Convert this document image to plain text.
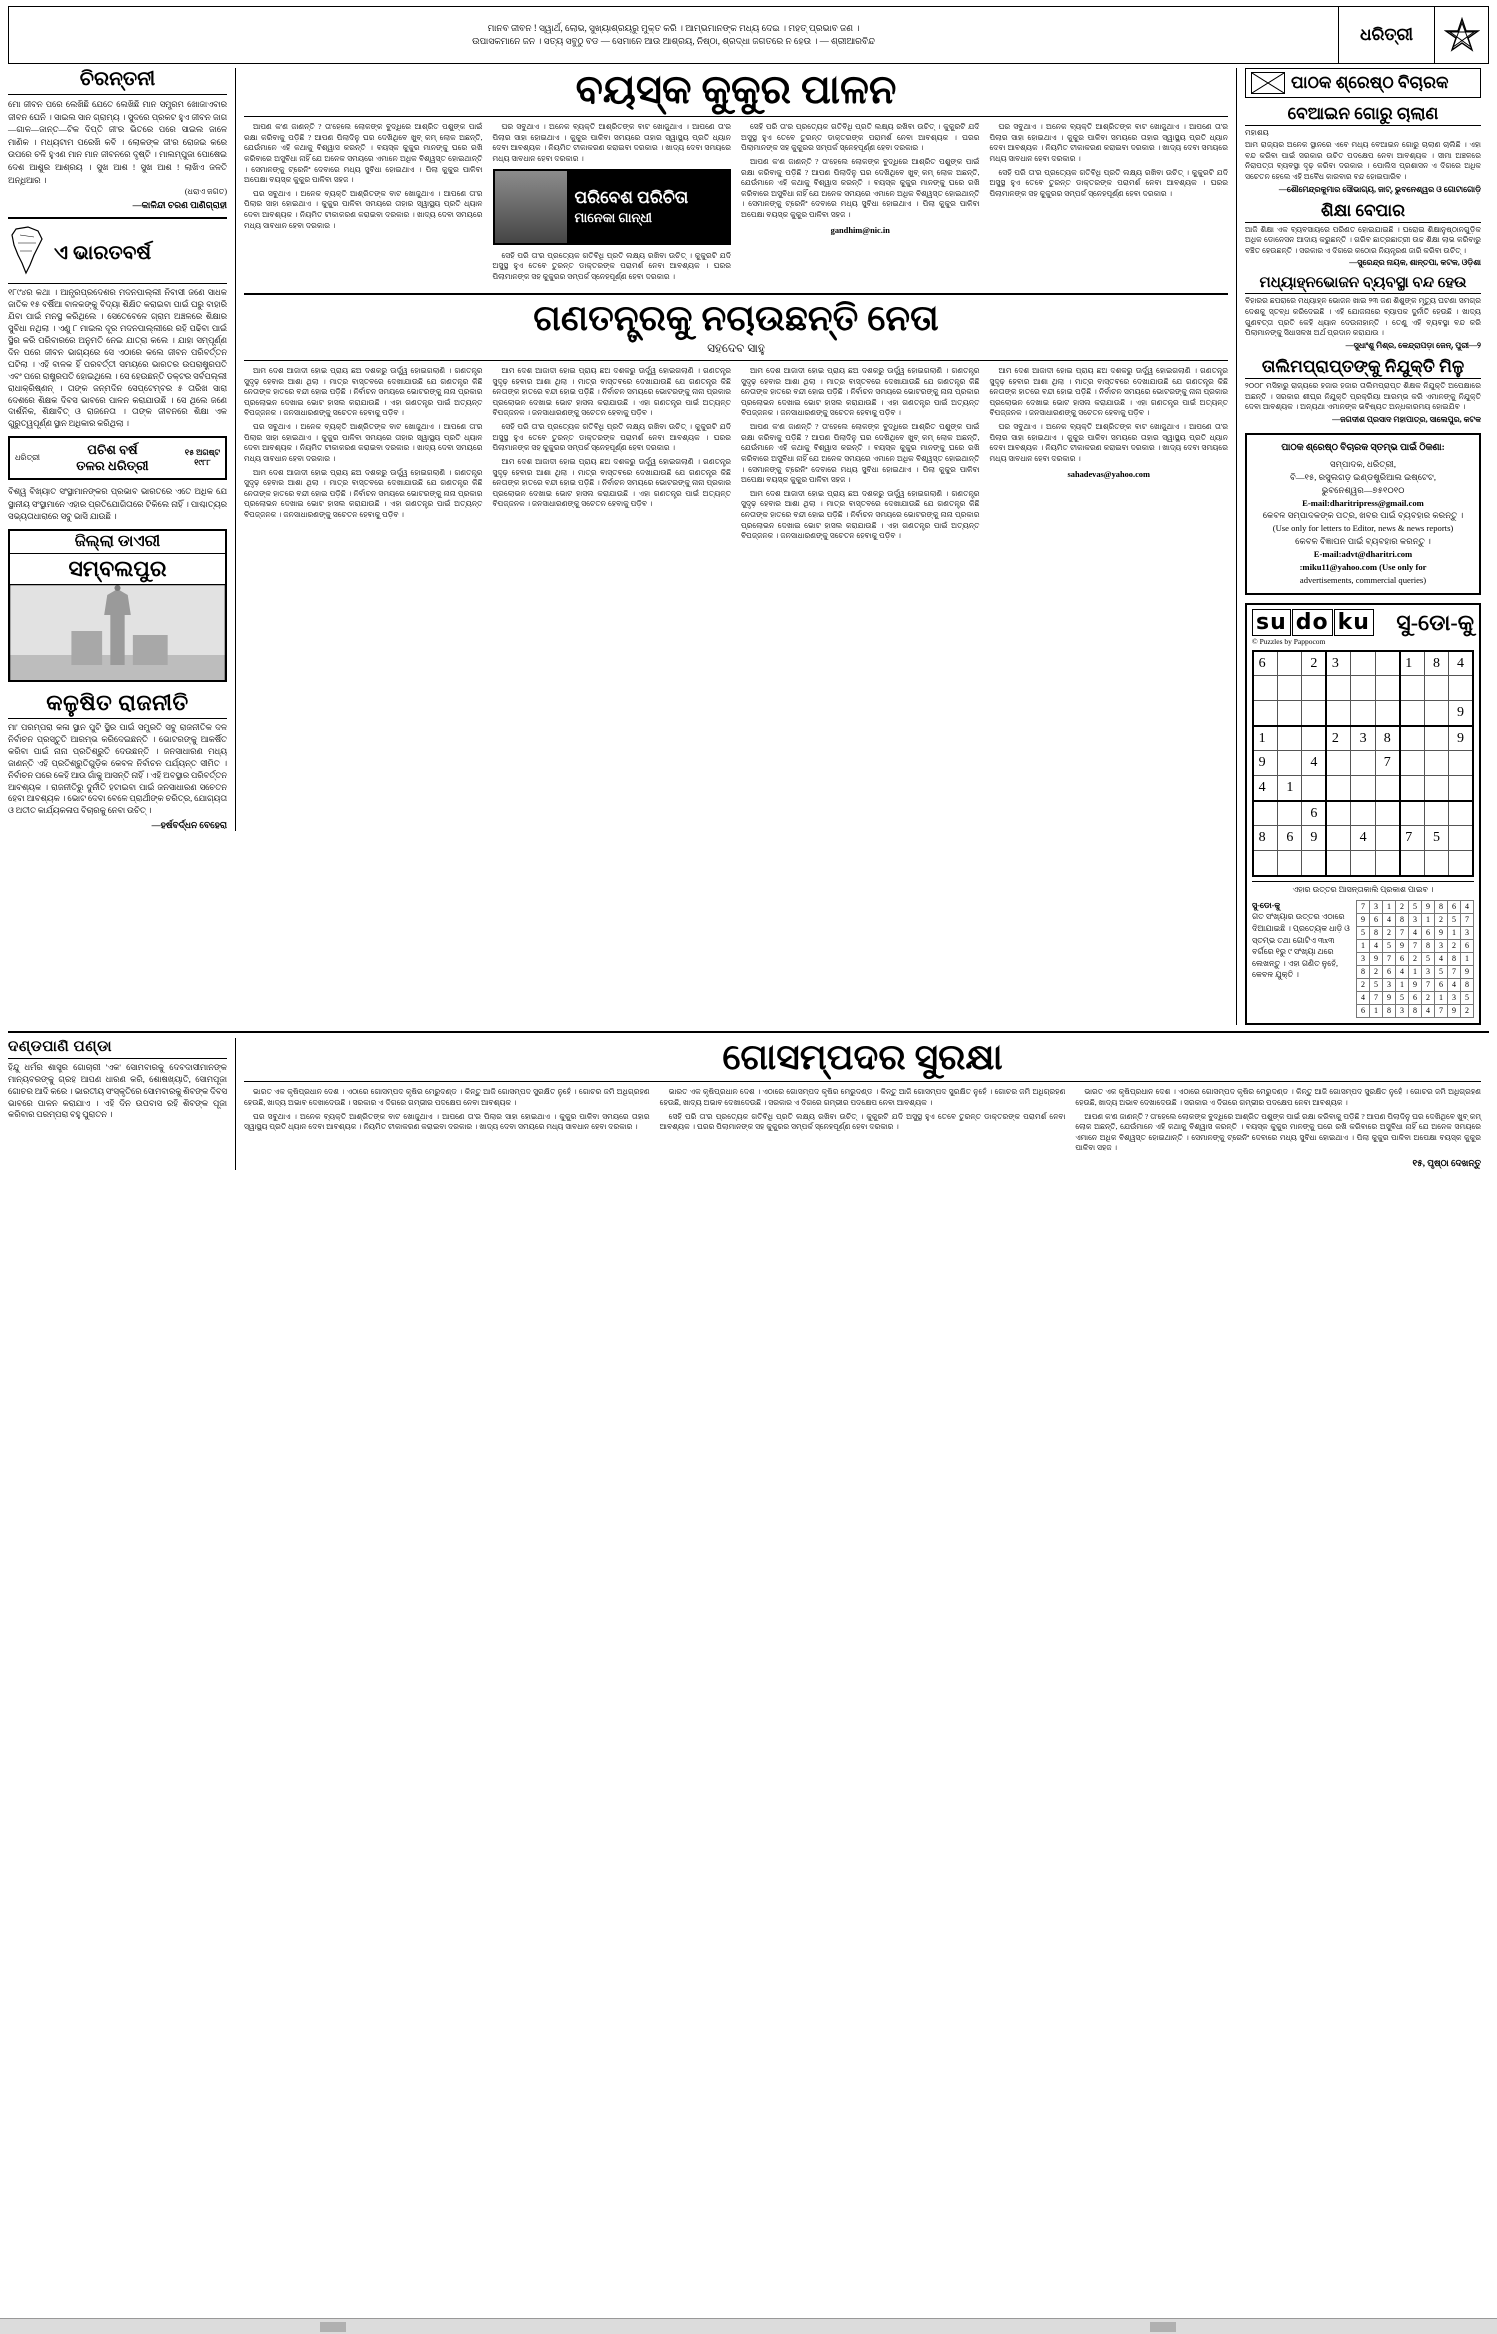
ମାନବ ଜୀବନ ! ସ୍ୱାର୍ଥ, ଲୋଭ, ସୁଖ୍ୟାଶ୍ରୟରୁ ମୁକ୍ତ କରି । ଆମ୍ଭମାନଙ୍କ ମଧ୍ୟ ଦେଇ । ମହତ୍ ପ୍ରଭାବ ଜଣ ।
ଉପାସକମାନେ ଜନ । ସତ୍ୟ ସବୁଠୁ ବଡ — ସେମାନେ ଆଉ ଆଶ୍ରୟ, ନିଷ୍ଠା, ଶ୍ରଦ୍ଧା ଜଗତରେ ନ ହେଉ । — ଶ୍ରୀଆରବିନ୍ଦ	ଧରିତ୍ରୀ
ଚିରନ୍ତନୀ
ମୋ ଜୀବନ ପରେ ଲେଖିଛି ଯେତେ ଲେଖିଛି ମାନ ସମ୍ପ୍ରମ ଖୋଜାଏବାର ଜୀବନ ଘେନି । ସାଇଲ ସାନ ଗ୍ରାମ୍ୟ । ସୁଦରେ ପ୍ରକଟ ହୁଏ ଜୀବନ ଜାଗ—ଗାଳ—ଜାନ୍ତ—ଟିକ ଦିପ୍ତି ଜୀ'ର ଭିତରେ ପରେ ସାଇଲ ଜାଳେ ମାଣିକ । ମଧ୍ୟଟାମ ପରେଖି କବି । ଲୋକଙ୍କ ଜୀ'ର ରୋଜଇ କରେ ଉପରେ ଚଳି ହୁଏଣ ମାନ ମାନ ଜୀବନରେ ଦୃଷ୍ଟି । ମାଲମ୍ପୁଜା ପୋଷେଇ ଦେଶ ଆଶୁର ଆଶ୍ରୟ । ସୁଖ ଆଶ ! ସୁଖ ଆଶ ! ଲାଖିଏ ଜଳତି ଅନ୍ଧିଆର ।
(ଧରାଏ ଜଗତ)
—କାଳିନ୍ଦୀ ଚରଣ ପାଣିଗ୍ରାହୀ
ଏ ଭାରତବର୍ଷ
୧୮୯୪ର କଥା । ଆନ୍ଧ୍ରପ୍ରଦେଶର ମଦନପାଲ୍ଲୀ ନିବାସୀ ଜଣେ ସାଧକ ଜାତିକ ୧୫ ବର୍ଷିଆ ବାଳକଙ୍କୁ ବିଦ୍ୟା ଶିକ୍ଷିତ କରାଇବା ପାଇଁ ଘରୁ ବାହାରି ଯିବା ପାଇଁ ମନସ୍ଥ କରିଥିଲେ । ସେତେବେଳେ ଗ୍ରାମ ଅଞ୍ଚଳରେ ଶିକ୍ଷାର ସୁବିଧା ନଥିଲା । ଏଣୁ ୮ ମାଇଲ ଦୂର ମଦନପାଲ୍ଲୀରେ ରହି ପଢିବା ପାଇଁ ସ୍ଥିର କରି ପରିବାରରେ ଅନୁମତି ନେଇ ଯାତ୍ରା କଲେ । ଯାହା ସମ୍ପୂର୍ଣ୍ଣ ଦିନ ପରେ ଜୀବନ ଭାଗ୍ୟରେ ସେ ଏଠାରେ କଲେ ଜୀବନ ପରିବର୍ତ୍ତନ ଘଟିଲା । ଏହି ବାଳକ ହିଁ ପରବର୍ତ୍ତୀ ସମୟରେ ଭାରତର ଉପରାଷ୍ଟ୍ରପତି ଏବଂ ପରେ ରାଷ୍ଟ୍ରପତି ହୋଇଥିଲେ । ସେ ହେଉଛନ୍ତି ଡକ୍ଟର ସର୍ବପଲ୍ଲୀ ରାଧାକ୍ରିଷ୍ଣନ୍ । ତାଙ୍କ ଜନ୍ମଦିନ ସେପ୍ଟେମ୍ବର ୫ ତାରିଖ ସାରା ଦେଶରେ ଶିକ୍ଷକ ଦିବସ ଭାବରେ ପାଳନ କରାଯାଉଛି । ସେ ଥିଲେ ଜଣେ ଦାର୍ଶନିକ, ଶିକ୍ଷାବିତ୍ ଓ ରାଜନେତା । ତାଙ୍କ ଜୀବନରେ ଶିକ୍ଷା ଏକ ଗୁରୁତ୍ୱପୂର୍ଣ୍ଣ ସ୍ଥାନ ଅଧିକାର କରିଥିଲା ।
ଧରିତ୍ରୀ
ପଚିଶ ବର୍ଷ
ତଳର ଧରିତ୍ରୀ
୧୫ ଅଗଷ୍ଟ
୧୯୮୮
ବିଶ୍ୱ ବିଖ୍ୟାତ ସଂସ୍ଥାମାନଙ୍କର ପ୍ରଭାବ ଭାରତରେ ଏତେ ଅଧିକ ଯେ ସ୍ଥାନୀୟ ସଂସ୍ଥାମାନେ ଏହାର ପ୍ରତିଯୋଗିତାରେ ଟିକିଲେ ନାହିଁ । ପାଶ୍ଚାତ୍ୟର ସଭ୍ୟତାଧାରାରେ ସବୁ ଭାସି ଯାଉଛି ।
ଜିଲ୍ଲା ଡାଏରୀ
ସମ୍ବଲପୁର
କଳୁଷିତ ରାଜନୀତି
ମା' ପରମ୍ପରା କଳା ସ୍ଥାନ ପୁଟି ସ୍ଥିର ପାଇଁ ସମ୍ପ୍ରତି ସବୁ ରାଜନୀତିକ ଦଳ ନିର୍ବାଚନ ପ୍ରସ୍ତୁତି ଆରମ୍ଭ କରିଦେଇଛନ୍ତି । ଭୋଟରଙ୍କୁ ଆକର୍ଷିତ କରିବା ପାଇଁ ନାନା ପ୍ରତିଶ୍ରୁତି ଦେଉଛନ୍ତି । ଜନସାଧାରଣ ମଧ୍ୟ ଜାଣନ୍ତି ଏହି ପ୍ରତିଶ୍ରୁତିଗୁଡ଼ିକ କେବଳ ନିର୍ବାଚନ ପର୍ଯ୍ୟନ୍ତ ସୀମିତ । ନିର୍ବାଚନ ପରେ କେହି ଆଉ ଗାଁକୁ ଆସନ୍ତି ନାହିଁ । ଏହି ଅବସ୍ଥାର ପରିବର୍ତ୍ତନ ଆବଶ୍ୟକ । ରାଜନୀତିରୁ ଦୁର୍ନୀତି ହଟାଇବା ପାଇଁ ଜନସାଧାରଣ ସଚେତନ ହେବା ଆବଶ୍ୟକ । ଭୋଟ ଦେବା ବେଳେ ପ୍ରାର୍ଥୀଙ୍କ ଚରିତ୍ର, ଯୋଗ୍ୟତା ଓ ଅତୀତ କାର୍ଯ୍ୟକଳାପ ବିଚାରକୁ ନେବା ଉଚିତ୍ ।
—ହର୍ଷବର୍ଦ୍ଧନ ବେହେରା
ବୟସ୍କ କୁକୁର ପାଳନ

ଆପଣ କ'ଣ ଜାଣନ୍ତି ? ତା'ହେଲେ ଲୋକଙ୍କ ବୁଦ୍ଧିରେ ଆଶ୍ରିତ ପଶୁଙ୍କ ପାଇଁ ରକ୍ଷା କରିବାକୁ ପଡ଼ିଛି ? ଆପଣ ପିଲାଦିନୁ ଘର ଦେଖିଥିବେ ଖୁବ୍ କମ୍ ଲୋକ ଅଛନ୍ତି, ଯେଉଁମାନେ ଏହି କଥାକୁ ବିଶ୍ୱାସ କରନ୍ତି । ବୟସ୍କ କୁକୁର ମାନଙ୍କୁ ଘରେ ରଖି କରିବାରେ ଅସୁବିଧା ନାହିଁ ଯେ ଅନେକ ସମୟରେ ଏମାନେ ଅଧିକ ବିଶ୍ୱସ୍ତ ହୋଇଥାନ୍ତି । ସେମାନଙ୍କୁ ଟ୍ରେନିଂ ଦେବାରେ ମଧ୍ୟ ସୁବିଧା ହୋଇଥାଏ । ପିଲା କୁକୁର ପାଳିବା ଅପେକ୍ଷା ବୟସ୍କ କୁକୁର ପାଳିବା ସହଜ ।

ଘର ସବୁଥାଏ । ଅନେକ ବ୍ୟକ୍ତି ଆଶ୍ରିତଙ୍କ ବାଟ ଖୋଜୁଥାଏ । ଆପଣେ ତା'ର ପିଲାର ସାହା ହୋଇଥାଏ । କୁକୁର ପାଳିବା ସମୟରେ ତାହାର ସ୍ୱାସ୍ଥ୍ୟ ପ୍ରତି ଧ୍ୟାନ ଦେବା ଆବଶ୍ୟକ । ନିୟମିତ ଟୀକାକରଣ କରାଇବା ଦରକାର । ଖାଦ୍ୟ ଦେବା ସମୟରେ ମଧ୍ୟ ସାବଧାନ ହେବା ଦରକାର ।

ଘର ସବୁଥାଏ । ଅନେକ ବ୍ୟକ୍ତି ଆଶ୍ରିତଙ୍କ ବାଟ ଖୋଜୁଥାଏ । ଆପଣେ ତା'ର ପିଲାର ସାହା ହୋଇଥାଏ । କୁକୁର ପାଳିବା ସମୟରେ ତାହାର ସ୍ୱାସ୍ଥ୍ୟ ପ୍ରତି ଧ୍ୟାନ ଦେବା ଆବଶ୍ୟକ । ନିୟମିତ ଟୀକାକରଣ କରାଇବା ଦରକାର । ଖାଦ୍ୟ ଦେବା ସମୟରେ ମଧ୍ୟ ସାବଧାନ ହେବା ଦରକାର ।

ପରିବେଶ ପରିଚିତା
ମାନେକା ଗାନ୍ଧୀ

ସେହି ପରି ତା'ର ପ୍ରତ୍ୟେକ ଗତିବିଧି ପ୍ରତି ଲକ୍ଷ୍ୟ ରଖିବା ଉଚିତ୍ । କୁକୁରଟି ଯଦି ଅସୁସ୍ଥ ହୁଏ ତେବେ ତୁରନ୍ତ ଡାକ୍ତରଙ୍କ ପରାମର୍ଶ ନେବା ଆବଶ୍ୟକ । ଘରର ପିଲାମାନଙ୍କ ସହ କୁକୁରର ସମ୍ପର୍କ ସ୍ନେହପୂର୍ଣ୍ଣ ହେବା ଦରକାର ।

ସେହି ପରି ତା'ର ପ୍ରତ୍ୟେକ ଗତିବିଧି ପ୍ରତି ଲକ୍ଷ୍ୟ ରଖିବା ଉଚିତ୍ । କୁକୁରଟି ଯଦି ଅସୁସ୍ଥ ହୁଏ ତେବେ ତୁରନ୍ତ ଡାକ୍ତରଙ୍କ ପରାମର୍ଶ ନେବା ଆବଶ୍ୟକ । ଘରର ପିଲାମାନଙ୍କ ସହ କୁକୁରର ସମ୍ପର୍କ ସ୍ନେହପୂର୍ଣ୍ଣ ହେବା ଦରକାର ।

ଆପଣ କ'ଣ ଜାଣନ୍ତି ? ତା'ହେଲେ ଲୋକଙ୍କ ବୁଦ୍ଧିରେ ଆଶ୍ରିତ ପଶୁଙ୍କ ପାଇଁ ରକ୍ଷା କରିବାକୁ ପଡ଼ିଛି ? ଆପଣ ପିଲାଦିନୁ ଘର ଦେଖିଥିବେ ଖୁବ୍ କମ୍ ଲୋକ ଅଛନ୍ତି, ଯେଉଁମାନେ ଏହି କଥାକୁ ବିଶ୍ୱାସ କରନ୍ତି । ବୟସ୍କ କୁକୁର ମାନଙ୍କୁ ଘରେ ରଖି କରିବାରେ ଅସୁବିଧା ନାହିଁ ଯେ ଅନେକ ସମୟରେ ଏମାନେ ଅଧିକ ବିଶ୍ୱସ୍ତ ହୋଇଥାନ୍ତି । ସେମାନଙ୍କୁ ଟ୍ରେନିଂ ଦେବାରେ ମଧ୍ୟ ସୁବିଧା ହୋଇଥାଏ । ପିଲା କୁକୁର ପାଳିବା ଅପେକ୍ଷା ବୟସ୍କ କୁକୁର ପାଳିବା ସହଜ ।

gandhim@nic.in

ଘର ସବୁଥାଏ । ଅନେକ ବ୍ୟକ୍ତି ଆଶ୍ରିତଙ୍କ ବାଟ ଖୋଜୁଥାଏ । ଆପଣେ ତା'ର ପିଲାର ସାହା ହୋଇଥାଏ । କୁକୁର ପାଳିବା ସମୟରେ ତାହାର ସ୍ୱାସ୍ଥ୍ୟ ପ୍ରତି ଧ୍ୟାନ ଦେବା ଆବଶ୍ୟକ । ନିୟମିତ ଟୀକାକରଣ କରାଇବା ଦରକାର । ଖାଦ୍ୟ ଦେବା ସମୟରେ ମଧ୍ୟ ସାବଧାନ ହେବା ଦରକାର ।

ସେହି ପରି ତା'ର ପ୍ରତ୍ୟେକ ଗତିବିଧି ପ୍ରତି ଲକ୍ଷ୍ୟ ରଖିବା ଉଚିତ୍ । କୁକୁରଟି ଯଦି ଅସୁସ୍ଥ ହୁଏ ତେବେ ତୁରନ୍ତ ଡାକ୍ତରଙ୍କ ପରାମର୍ଶ ନେବା ଆବଶ୍ୟକ । ଘରର ପିଲାମାନଙ୍କ ସହ କୁକୁରର ସମ୍ପର୍କ ସ୍ନେହପୂର୍ଣ୍ଣ ହେବା ଦରକାର ।

ଗଣତନ୍ତ୍ରକୁ ନଚାଉଛନ୍ତି ନେତା
ସହଦେବ ସାହୁ

ଆମ ଦେଶ ଆଜାଦୀ ହୋଇ ପ୍ରାୟ ଛଅ ଦଶକରୁ ଊର୍ଦ୍ଧ୍ୱ ହୋଇଗଲାଣି । ଗଣତନ୍ତ୍ର ସୁଦୃଢ଼ ହେବାର ଆଶା ଥିଲା । ମାତ୍ର ବାସ୍ତବରେ ଦେଖାଯାଉଛି ଯେ ଗଣତନ୍ତ୍ର କିଛି ନେତାଙ୍କ ହାତରେ ବନ୍ଦୀ ହୋଇ ପଡ଼ିଛି । ନିର୍ବାଚନ ସମୟରେ ଭୋଟରଙ୍କୁ ନାନା ପ୍ରକାର ପ୍ରଲୋଭନ ଦେଖାଇ ଭୋଟ ହାସଲ କରାଯାଉଛି । ଏହା ଗଣତନ୍ତ୍ର ପାଇଁ ଅତ୍ୟନ୍ତ ବିପଜ୍ଜନକ । ଜନସାଧାରଣଙ୍କୁ ସଚେତନ ହେବାକୁ ପଡ଼ିବ ।

ଘର ସବୁଥାଏ । ଅନେକ ବ୍ୟକ୍ତି ଆଶ୍ରିତଙ୍କ ବାଟ ଖୋଜୁଥାଏ । ଆପଣେ ତା'ର ପିଲାର ସାହା ହୋଇଥାଏ । କୁକୁର ପାଳିବା ସମୟରେ ତାହାର ସ୍ୱାସ୍ଥ୍ୟ ପ୍ରତି ଧ୍ୟାନ ଦେବା ଆବଶ୍ୟକ । ନିୟମିତ ଟୀକାକରଣ କରାଇବା ଦରକାର । ଖାଦ୍ୟ ଦେବା ସମୟରେ ମଧ୍ୟ ସାବଧାନ ହେବା ଦରକାର ।

ଆମ ଦେଶ ଆଜାଦୀ ହୋଇ ପ୍ରାୟ ଛଅ ଦଶକରୁ ଊର୍ଦ୍ଧ୍ୱ ହୋଇଗଲାଣି । ଗଣତନ୍ତ୍ର ସୁଦୃଢ଼ ହେବାର ଆଶା ଥିଲା । ମାତ୍ର ବାସ୍ତବରେ ଦେଖାଯାଉଛି ଯେ ଗଣତନ୍ତ୍ର କିଛି ନେତାଙ୍କ ହାତରେ ବନ୍ଦୀ ହୋଇ ପଡ଼ିଛି । ନିର୍ବାଚନ ସମୟରେ ଭୋଟରଙ୍କୁ ନାନା ପ୍ରକାର ପ୍ରଲୋଭନ ଦେଖାଇ ଭୋଟ ହାସଲ କରାଯାଉଛି । ଏହା ଗଣତନ୍ତ୍ର ପାଇଁ ଅତ୍ୟନ୍ତ ବିପଜ୍ଜନକ । ଜନସାଧାରଣଙ୍କୁ ସଚେତନ ହେବାକୁ ପଡ଼ିବ ।

ଆମ ଦେଶ ଆଜାଦୀ ହୋଇ ପ୍ରାୟ ଛଅ ଦଶକରୁ ଊର୍ଦ୍ଧ୍ୱ ହୋଇଗଲାଣି । ଗଣତନ୍ତ୍ର ସୁଦୃଢ଼ ହେବାର ଆଶା ଥିଲା । ମାତ୍ର ବାସ୍ତବରେ ଦେଖାଯାଉଛି ଯେ ଗଣତନ୍ତ୍ର କିଛି ନେତାଙ୍କ ହାତରେ ବନ୍ଦୀ ହୋଇ ପଡ଼ିଛି । ନିର୍ବାଚନ ସମୟରେ ଭୋଟରଙ୍କୁ ନାନା ପ୍ରକାର ପ୍ରଲୋଭନ ଦେଖାଇ ଭୋଟ ହାସଲ କରାଯାଉଛି । ଏହା ଗଣତନ୍ତ୍ର ପାଇଁ ଅତ୍ୟନ୍ତ ବିପଜ୍ଜନକ । ଜନସାଧାରଣଙ୍କୁ ସଚେତନ ହେବାକୁ ପଡ଼ିବ ।

ସେହି ପରି ତା'ର ପ୍ରତ୍ୟେକ ଗତିବିଧି ପ୍ରତି ଲକ୍ଷ୍ୟ ରଖିବା ଉଚିତ୍ । କୁକୁରଟି ଯଦି ଅସୁସ୍ଥ ହୁଏ ତେବେ ତୁରନ୍ତ ଡାକ୍ତରଙ୍କ ପରାମର୍ଶ ନେବା ଆବଶ୍ୟକ । ଘରର ପିଲାମାନଙ୍କ ସହ କୁକୁରର ସମ୍ପର୍କ ସ୍ନେହପୂର୍ଣ୍ଣ ହେବା ଦରକାର ।

ଆମ ଦେଶ ଆଜାଦୀ ହୋଇ ପ୍ରାୟ ଛଅ ଦଶକରୁ ଊର୍ଦ୍ଧ୍ୱ ହୋଇଗଲାଣି । ଗଣତନ୍ତ୍ର ସୁଦୃଢ଼ ହେବାର ଆଶା ଥିଲା । ମାତ୍ର ବାସ୍ତବରେ ଦେଖାଯାଉଛି ଯେ ଗଣତନ୍ତ୍ର କିଛି ନେତାଙ୍କ ହାତରେ ବନ୍ଦୀ ହୋଇ ପଡ଼ିଛି । ନିର୍ବାଚନ ସମୟରେ ଭୋଟରଙ୍କୁ ନାନା ପ୍ରକାର ପ୍ରଲୋଭନ ଦେଖାଇ ଭୋଟ ହାସଲ କରାଯାଉଛି । ଏହା ଗଣତନ୍ତ୍ର ପାଇଁ ଅତ୍ୟନ୍ତ ବିପଜ୍ଜନକ । ଜନସାଧାରଣଙ୍କୁ ସଚେତନ ହେବାକୁ ପଡ଼ିବ ।

ଆମ ଦେଶ ଆଜାଦୀ ହୋଇ ପ୍ରାୟ ଛଅ ଦଶକରୁ ଊର୍ଦ୍ଧ୍ୱ ହୋଇଗଲାଣି । ଗଣତନ୍ତ୍ର ସୁଦୃଢ଼ ହେବାର ଆଶା ଥିଲା । ମାତ୍ର ବାସ୍ତବରେ ଦେଖାଯାଉଛି ଯେ ଗଣତନ୍ତ୍ର କିଛି ନେତାଙ୍କ ହାତରେ ବନ୍ଦୀ ହୋଇ ପଡ଼ିଛି । ନିର୍ବାଚନ ସମୟରେ ଭୋଟରଙ୍କୁ ନାନା ପ୍ରକାର ପ୍ରଲୋଭନ ଦେଖାଇ ଭୋଟ ହାସଲ କରାଯାଉଛି । ଏହା ଗଣତନ୍ତ୍ର ପାଇଁ ଅତ୍ୟନ୍ତ ବିପଜ୍ଜନକ । ଜନସାଧାରଣଙ୍କୁ ସଚେତନ ହେବାକୁ ପଡ଼ିବ ।

ଆପଣ କ'ଣ ଜାଣନ୍ତି ? ତା'ହେଲେ ଲୋକଙ୍କ ବୁଦ୍ଧିରେ ଆଶ୍ରିତ ପଶୁଙ୍କ ପାଇଁ ରକ୍ଷା କରିବାକୁ ପଡ଼ିଛି ? ଆପଣ ପିଲାଦିନୁ ଘର ଦେଖିଥିବେ ଖୁବ୍ କମ୍ ଲୋକ ଅଛନ୍ତି, ଯେଉଁମାନେ ଏହି କଥାକୁ ବିଶ୍ୱାସ କରନ୍ତି । ବୟସ୍କ କୁକୁର ମାନଙ୍କୁ ଘରେ ରଖି କରିବାରେ ଅସୁବିଧା ନାହିଁ ଯେ ଅନେକ ସମୟରେ ଏମାନେ ଅଧିକ ବିଶ୍ୱସ୍ତ ହୋଇଥାନ୍ତି । ସେମାନଙ୍କୁ ଟ୍ରେନିଂ ଦେବାରେ ମଧ୍ୟ ସୁବିଧା ହୋଇଥାଏ । ପିଲା କୁକୁର ପାଳିବା ଅପେକ୍ଷା ବୟସ୍କ କୁକୁର ପାଳିବା ସହଜ ।

ଆମ ଦେଶ ଆଜାଦୀ ହୋଇ ପ୍ରାୟ ଛଅ ଦଶକରୁ ଊର୍ଦ୍ଧ୍ୱ ହୋଇଗଲାଣି । ଗଣତନ୍ତ୍ର ସୁଦୃଢ଼ ହେବାର ଆଶା ଥିଲା । ମାତ୍ର ବାସ୍ତବରେ ଦେଖାଯାଉଛି ଯେ ଗଣତନ୍ତ୍ର କିଛି ନେତାଙ୍କ ହାତରେ ବନ୍ଦୀ ହୋଇ ପଡ଼ିଛି । ନିର୍ବାଚନ ସମୟରେ ଭୋଟରଙ୍କୁ ନାନା ପ୍ରକାର ପ୍ରଲୋଭନ ଦେଖାଇ ଭୋଟ ହାସଲ କରାଯାଉଛି । ଏହା ଗଣତନ୍ତ୍ର ପାଇଁ ଅତ୍ୟନ୍ତ ବିପଜ୍ଜନକ । ଜନସାଧାରଣଙ୍କୁ ସଚେତନ ହେବାକୁ ପଡ଼ିବ ।

ଆମ ଦେଶ ଆଜାଦୀ ହୋଇ ପ୍ରାୟ ଛଅ ଦଶକରୁ ଊର୍ଦ୍ଧ୍ୱ ହୋଇଗଲାଣି । ଗଣତନ୍ତ୍ର ସୁଦୃଢ଼ ହେବାର ଆଶା ଥିଲା । ମାତ୍ର ବାସ୍ତବରେ ଦେଖାଯାଉଛି ଯେ ଗଣତନ୍ତ୍ର କିଛି ନେତାଙ୍କ ହାତରେ ବନ୍ଦୀ ହୋଇ ପଡ଼ିଛି । ନିର୍ବାଚନ ସମୟରେ ଭୋଟରଙ୍କୁ ନାନା ପ୍ରକାର ପ୍ରଲୋଭନ ଦେଖାଇ ଭୋଟ ହାସଲ କରାଯାଉଛି । ଏହା ଗଣତନ୍ତ୍ର ପାଇଁ ଅତ୍ୟନ୍ତ ବିପଜ୍ଜନକ । ଜନସାଧାରଣଙ୍କୁ ସଚେତନ ହେବାକୁ ପଡ଼ିବ ।

ଘର ସବୁଥାଏ । ଅନେକ ବ୍ୟକ୍ତି ଆଶ୍ରିତଙ୍କ ବାଟ ଖୋଜୁଥାଏ । ଆପଣେ ତା'ର ପିଲାର ସାହା ହୋଇଥାଏ । କୁକୁର ପାଳିବା ସମୟରେ ତାହାର ସ୍ୱାସ୍ଥ୍ୟ ପ୍ରତି ଧ୍ୟାନ ଦେବା ଆବଶ୍ୟକ । ନିୟମିତ ଟୀକାକରଣ କରାଇବା ଦରକାର । ଖାଦ୍ୟ ଦେବା ସମୟରେ ମଧ୍ୟ ସାବଧାନ ହେବା ଦରକାର ।

sahadevas@yahoo.com
ପାଠକ ଶ୍ରେଷ୍ଠ ବିଚାରକ
ବେଆଇନ ଗୋରୁ ଚାଲାଣ
ମହାଶୟ
ଆମ ରାଜ୍ୟର ଅନେକ ସ୍ଥାନରେ ଏବେ ମଧ୍ୟ ବେଆଇନ ଗୋରୁ ଚାଲାଣ ଚାଲିଛି । ଏହା ବନ୍ଦ କରିବା ପାଇଁ ସରକାର ଉଚିତ ପଦକ୍ଷେପ ନେବା ଆବଶ୍ୟକ । ସୀମା ଅଞ୍ଚଳରେ ନିରାପତ୍ତା ବ୍ୟବସ୍ଥା ଦୃଢ଼ କରିବା ଦରକାର । ପୋଲିସ ପ୍ରଶାସନ ଏ ଦିଗରେ ଅଧିକ ସଚେତନ ହେଲେ ଏହି ଅବୈଧ କାରବାର ବନ୍ଦ ହୋଇପାରିବ ।
—ଶୌମେନ୍ଦ୍ରକୁମାର ସୌଭାଗ୍ୟ, ଜାଟ୍, ଭୁବନେଶ୍ୱର ଓ ଗୋଟାଗୋଡ଼ି
ଶିକ୍ଷା ବେପାର
ଆଜି ଶିକ୍ଷା ଏକ ବ୍ୟବସାୟରେ ପରିଣତ ହୋଇଯାଇଛି । ଘରୋଇ ଶିକ୍ଷାନୁଷ୍ଠାନଗୁଡ଼ିକ ଅଧିକ ଡୋନେସନ ଆଦାୟ କରୁଛନ୍ତି । ଗରିବ ଛାତ୍ରଛାତ୍ରୀ ଉଚ୍ଚ ଶିକ୍ଷା ଲାଭ କରିବାରୁ ବଞ୍ଚିତ ହେଉଛନ୍ତି । ସରକାର ଏ ଦିଗରେ କଠୋର ନିୟନ୍ତ୍ରଣ ଜାରି କରିବା ଉଚିତ୍ ।
—ସୁରେନ୍ଦ୍ର ନାୟକ, ଶାନ୍ତପା, କଟକ, ଓଡ଼ିଶା
ମଧ୍ୟାହ୍ନଭୋଜନ ବ୍ୟବସ୍ଥା ବନ୍ଦ ହେଉ
ବିହାରର ଛପରାରେ ମଧ୍ୟାହ୍ନ ଭୋଜନ ଖାଇ ୨୩ ଜଣ ଶିଶୁଙ୍କ ମୃତ୍ୟୁ ଘଟଣା ସମଗ୍ର ଦେଶକୁ ସ୍ତବ୍ଧ କରିଦେଇଛି । ଏହି ଯୋଜନାରେ ବ୍ୟାପକ ଦୁର୍ନୀତି ହେଉଛି । ଖାଦ୍ୟ ଗୁଣବତ୍ତା ପ୍ରତି କେହି ଧ୍ୟାନ ଦେଉନାହାନ୍ତି । ତେଣୁ ଏହି ବ୍ୟବସ୍ଥା ବନ୍ଦ କରି ପିଲାମାନଙ୍କୁ ସିଧାସଳଖ ଅର୍ଥ ପ୍ରଦାନ କରାଯାଉ ।
—ସୁଧାଂଶୁ ମିଶ୍ର, କେନ୍ଦ୍ରାପଡ଼ା ଜେନ୍, ପୁରୀ—୨
ତାଲିମପ୍ରାପ୍ତଙ୍କୁ ନିଯୁକ୍ତି ମିଳୁ
୨୦୦୮ ମସିହାରୁ ରାଜ୍ୟରେ ହଜାର ହଜାର ତାଲିମପ୍ରାପ୍ତ ଶିକ୍ଷକ ନିଯୁକ୍ତି ଅପେକ୍ଷାରେ ଅଛନ୍ତି । ସରକାର ଶୀଘ୍ର ନିଯୁକ୍ତି ପ୍ରକ୍ରିୟା ଆରମ୍ଭ କରି ଏମାନଙ୍କୁ ନିଯୁକ୍ତି ଦେବା ଆବଶ୍ୟକ । ଅନ୍ୟଥା ଏମାନଙ୍କ ଭବିଷ୍ୟତ ଅନ୍ଧକାରମୟ ହୋଇଯିବ ।
—ଜଗଦୀଶ ପ୍ରସାଦ ମହାପାତ୍ର, ସାଲେପୁର, କଟକ
ପାଠକ ଶ୍ରେଷ୍ଠ ବିଚାରକ ସ୍ତମ୍ଭ ପାଇଁ ଠିକଣା:
ସମ୍ପାଦକ, ଧରିତ୍ରୀ,
ବି—୧୫, ରସୁଲଗଡ଼ ଇଣ୍ଡଷ୍ଟ୍ରିଆଲ ଇଷ୍ଟେଟ,
ଭୁବନେଶ୍ୱର—୭୫୧୦୧୦
E-mail:dharitripress@gmail.com
କେବଳ ସମ୍ପାଦକଙ୍କ ପତ୍ର, ଖବର ପାଇଁ ବ୍ୟବହାର କରନ୍ତୁ ।
(Use only for letters to Editor, news & news reports)
କେବଳ ବିଜ୍ଞାପନ ପାଇଁ ବ୍ୟବହାର କରନ୍ତୁ ।
E-mail:advt@dharitri.com
:miku11@yahoo.com (Use only for
advertisements, commercial queries)
su do ku ସୁ-ଡୋ-କୁ
© Puzzles by Pappocom
6		2	3			1	8	4

								9
1			2	3	8			9
9		4			7			
4	1							
		6						
8	6	9		4		7	5	

ଏହାର ଉତ୍ତର ଆସନ୍ତାକାଲି ପ୍ରକାଶ ପାଇବ ।
ସୁ-ଡୋ-କୁ
ଗତ ସଂଖ୍ୟାର ଉତ୍ତର ଏଠାରେ ଦିଆଯାଇଛି । ପ୍ରତ୍ୟେକ ଧାଡ଼ି ଓ ସ୍ତମ୍ଭ ତଥା ଗୋଟିଏ ୩x୩ ବର୍ଗରେ ୧ରୁ ୯ ସଂଖ୍ୟା ଥରେ ଲେଖନ୍ତୁ । ଏହା ଗଣିତ ନୁହେଁ, କେବଳ ଯୁକ୍ତି ।
7	3	1	2	5	9	8	6	4
9	6	4	8	3	1	2	5	7
5	8	2	7	4	6	9	1	3
1	4	5	9	7	8	3	2	6
3	9	7	6	2	5	4	8	1
8	2	6	4	1	3	5	7	9
2	5	3	1	9	7	6	4	8
4	7	9	5	6	2	1	3	5
6	1	8	3	8	4	7	9	2
ଦଣ୍ଡପାଣି ପଣ୍ଡା
ହିନ୍ଦୁ ଧର୍ମର ଶାସ୍ତ୍ର ଗୋଚାରୀ 'ଏକ' ସୋମବାରକୁ ଦେବଦାସୀମାନଙ୍କ ମାନ୍ୟବରଙ୍କୁ ଗ୍ରହ ଆପଣ ଧାରଣ କରି, ଶୋଷଖ୍ୟାତି, ସୋମପୂଜା ଗୋଚର ଆଦି କରେ । ଭାରତୀୟ ସଂସ୍କୃତିରେ ସୋମବାରକୁ ଶିବଙ୍କ ଦିବସ ଭାବରେ ପାଳନ କରାଯାଏ । ଏହି ଦିନ ଉପବାସ ରହି ଶିବଙ୍କ ପୂଜା କରିବାର ପରମ୍ପରା ବହୁ ପୁରାତନ ।
ଗୋସମ୍ପଦର ସୁରକ୍ଷା

ଭାରତ ଏକ କୃଷିପ୍ରଧାନ ଦେଶ । ଏଠାରେ ଗୋସମ୍ପଦ କୃଷିର ମେରୁଦଣ୍ଡ । କିନ୍ତୁ ଆଜି ଗୋସମ୍ପଦ ସୁରକ୍ଷିତ ନୁହେଁ । ଗୋଚର ଜମି ଅଧିଗ୍ରହଣ ହେଉଛି, ଖାଦ୍ୟ ଅଭାବ ଦେଖାଦେଉଛି । ସରକାର ଏ ଦିଗରେ ଗମ୍ଭୀର ପଦକ୍ଷେପ ନେବା ଆବଶ୍ୟକ ।

ଘର ସବୁଥାଏ । ଅନେକ ବ୍ୟକ୍ତି ଆଶ୍ରିତଙ୍କ ବାଟ ଖୋଜୁଥାଏ । ଆପଣେ ତା'ର ପିଲାର ସାହା ହୋଇଥାଏ । କୁକୁର ପାଳିବା ସମୟରେ ତାହାର ସ୍ୱାସ୍ଥ୍ୟ ପ୍ରତି ଧ୍ୟାନ ଦେବା ଆବଶ୍ୟକ । ନିୟମିତ ଟୀକାକରଣ କରାଇବା ଦରକାର । ଖାଦ୍ୟ ଦେବା ସମୟରେ ମଧ୍ୟ ସାବଧାନ ହେବା ଦରକାର ।

ଭାରତ ଏକ କୃଷିପ୍ରଧାନ ଦେଶ । ଏଠାରେ ଗୋସମ୍ପଦ କୃଷିର ମେରୁଦଣ୍ଡ । କିନ୍ତୁ ଆଜି ଗୋସମ୍ପଦ ସୁରକ୍ଷିତ ନୁହେଁ । ଗୋଚର ଜମି ଅଧିଗ୍ରହଣ ହେଉଛି, ଖାଦ୍ୟ ଅଭାବ ଦେଖାଦେଉଛି । ସରକାର ଏ ଦିଗରେ ଗମ୍ଭୀର ପଦକ୍ଷେପ ନେବା ଆବଶ୍ୟକ ।

ସେହି ପରି ତା'ର ପ୍ରତ୍ୟେକ ଗତିବିଧି ପ୍ରତି ଲକ୍ଷ୍ୟ ରଖିବା ଉଚିତ୍ । କୁକୁରଟି ଯଦି ଅସୁସ୍ଥ ହୁଏ ତେବେ ତୁରନ୍ତ ଡାକ୍ତରଙ୍କ ପରାମର୍ଶ ନେବା ଆବଶ୍ୟକ । ଘରର ପିଲାମାନଙ୍କ ସହ କୁକୁରର ସମ୍ପର୍କ ସ୍ନେହପୂର୍ଣ୍ଣ ହେବା ଦରକାର ।

ଭାରତ ଏକ କୃଷିପ୍ରଧାନ ଦେଶ । ଏଠାରେ ଗୋସମ୍ପଦ କୃଷିର ମେରୁଦଣ୍ଡ । କିନ୍ତୁ ଆଜି ଗୋସମ୍ପଦ ସୁରକ୍ଷିତ ନୁହେଁ । ଗୋଚର ଜମି ଅଧିଗ୍ରହଣ ହେଉଛି, ଖାଦ୍ୟ ଅଭାବ ଦେଖାଦେଉଛି । ସରକାର ଏ ଦିଗରେ ଗମ୍ଭୀର ପଦକ୍ଷେପ ନେବା ଆବଶ୍ୟକ ।

ଆପଣ କ'ଣ ଜାଣନ୍ତି ? ତା'ହେଲେ ଲୋକଙ୍କ ବୁଦ୍ଧିରେ ଆଶ୍ରିତ ପଶୁଙ୍କ ପାଇଁ ରକ୍ଷା କରିବାକୁ ପଡ଼ିଛି ? ଆପଣ ପିଲାଦିନୁ ଘର ଦେଖିଥିବେ ଖୁବ୍ କମ୍ ଲୋକ ଅଛନ୍ତି, ଯେଉଁମାନେ ଏହି କଥାକୁ ବିଶ୍ୱାସ କରନ୍ତି । ବୟସ୍କ କୁକୁର ମାନଙ୍କୁ ଘରେ ରଖି କରିବାରେ ଅସୁବିଧା ନାହିଁ ଯେ ଅନେକ ସମୟରେ ଏମାନେ ଅଧିକ ବିଶ୍ୱସ୍ତ ହୋଇଥାନ୍ତି । ସେମାନଙ୍କୁ ଟ୍ରେନିଂ ଦେବାରେ ମଧ୍ୟ ସୁବିଧା ହୋଇଥାଏ । ପିଲା କୁକୁର ପାଳିବା ଅପେକ୍ଷା ବୟସ୍କ କୁକୁର ପାଳିବା ସହଜ ।

୧୫, ପୃଷ୍ଠା ଦେଖନ୍ତୁ
